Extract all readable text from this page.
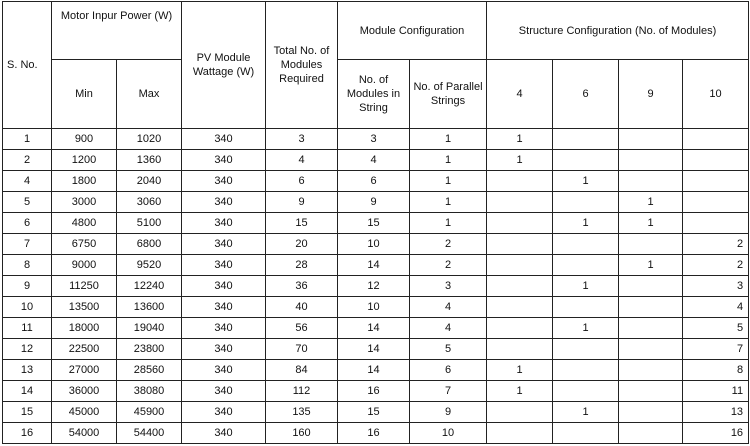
S. No.	Motor Inpur Power (W)		PV Module Wattage (W)	Total No. of Modules Required	Module Configuration		Structure Configuration (No. of Modules)			
	Min	Max			No. of Modules in String	No. of Parallel Strings	4	6	9	10
1	900	1020	340	3	3	1	1			
2	1200	1360	340	4	4	1	1			
4	1800	2040	340	6	6	1		1		
5	3000	3060	340	9	9	1			1	
6	4800	5100	340	15	15	1		1	1	
7	6750	6800	340	20	10	2				2
8	9000	9520	340	28	14	2			1	2
9	11250	12240	340	36	12	3		1		3
10	13500	13600	340	40	10	4				4
11	18000	19040	340	56	14	4		1		5
12	22500	23800	340	70	14	5				7
13	27000	28560	340	84	14	6	1			8
14	36000	38080	340	112	16	7	1			11
15	45000	45900	340	135	15	9		1		13
16	54000	54400	340	160	16	10				16
